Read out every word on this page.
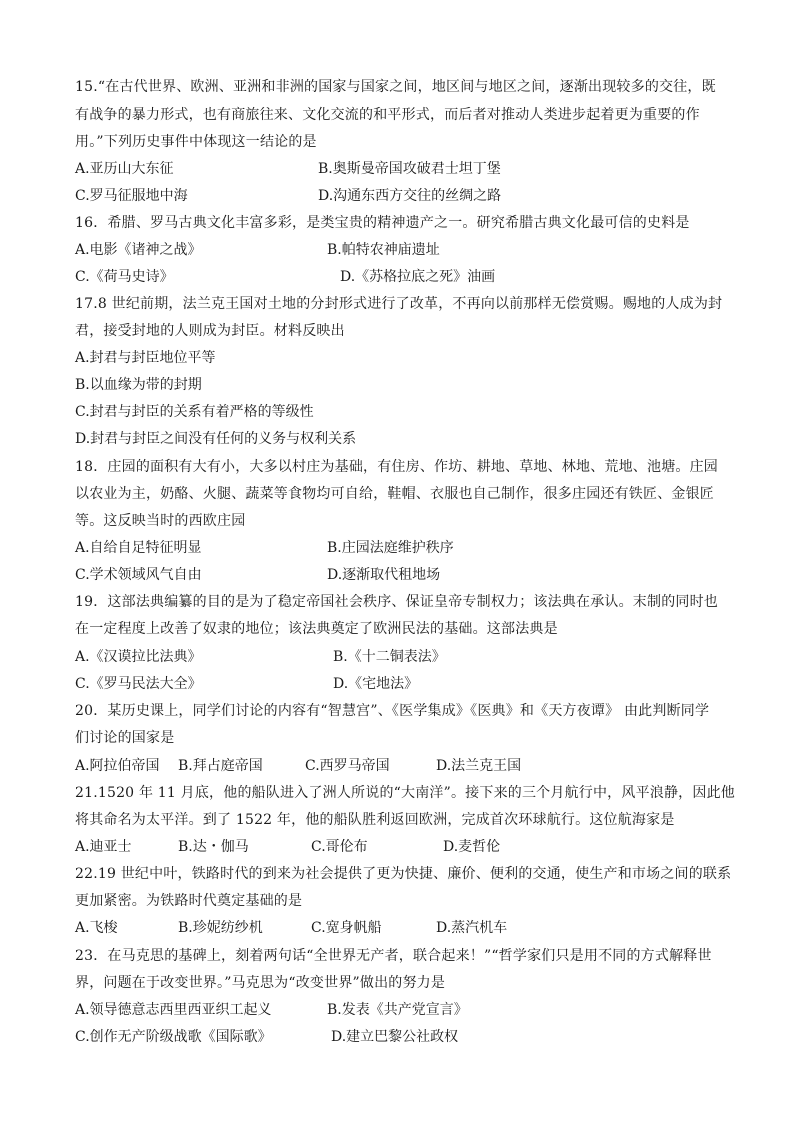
15.“在古代世界、欧洲、亚洲和非洲的国家与国家之间，地区间与地区之间，逐渐出现较多的交往，既
有战争的暴力形式，也有商旅往来、文化交流的和平形式，而后者对推动人类进步起着更为重要的作
用。”下列历史事件中体现这一结论的是
A.亚历山大东征	B.奥斯曼帝国攻破君士坦丁堡
C.罗马征服地中海	D.沟通东西方交往的丝绸之路
16．希腊、罗马古典文化丰富多彩，是类宝贵的精神遗产之一。研究希腊古典文化最可信的史料是
A.电影《诸神之战》	B.帕特农神庙遗址
C.《荷马史诗》	D.《苏格拉底之死》油画
17.8 世纪前期，法兰克王国对土地的分封形式进行了改革，不再向以前那样无偿赏赐。赐地的人成为封
君，接受封地的人则成为封臣。材料反映出
A.封君与封臣地位平等
B.以血缘为带的封期
C.封君与封臣的关系有着严格的等级性
D.封君与封臣之间没有任何的义务与权利关系
18．庄园的面积有大有小，大多以村庄为基础，有住房、作坊、耕地、草地、林地、荒地、池塘。庄园
以农业为主，奶酪、火腿、蔬菜等食物均可自给，鞋帽、衣服也自己制作，很多庄园还有铁匠、金银匠
等。这反映当时的西欧庄园
A.自给自足特征明显	B.庄园法庭维护秩序
C.学术领域风气自由	D.逐渐取代租地场
19．这部法典编纂的目的是为了稳定帝国社会秩序、保证皇帝专制权力；该法典在承认。末制的同时也
在一定程度上改善了奴隶的地位；该法典奠定了欧洲民法的基础。这部法典是
A.《汉谟拉比法典》	B.《十二铜表法》
C.《罗马民法大全》	D.《宅地法》
20．某历史课上，同学们讨论的内容有“智慧宫”、《医学集成》《医典》和《天方夜谭》 由此判断同学
们讨论的国家是
A.阿拉伯帝国 B.拜占庭帝国	C.西罗马帝国	D.法兰克王国
21.1520 年 11 月底，他的船队进入了洲人所说的“大南洋”。接下来的三个月航行中，风平浪静，因此他
将其命名为太平洋。到了 1522 年，他的船队胜利返回欧洲，完成首次环球航行。这位航海家是
A.迪亚士	B.达・伽马	C.哥伦布	D.麦哲伦
22.19 世纪中叶，铁路时代的到来为社会提供了更为快捷、廉价、便利的交通，使生产和市场之间的联系
更加紧密。为铁路时代奠定基础的是
A.飞梭	B.珍妮纺纱机	C.宽身帆船	D.蒸汽机车
23．在马克思的基碑上，刻着两句话“全世界无产者，联合起来！”“哲学家们只是用不同的方式解释世
界，问题在于改变世界。”马克思为“改变世界”做出的努力是
A.领导德意志西里西亚织工起义	B.发表《共产党宣言》
C.创作无产阶级战歌《国际歌》	D.建立巴黎公社政权
